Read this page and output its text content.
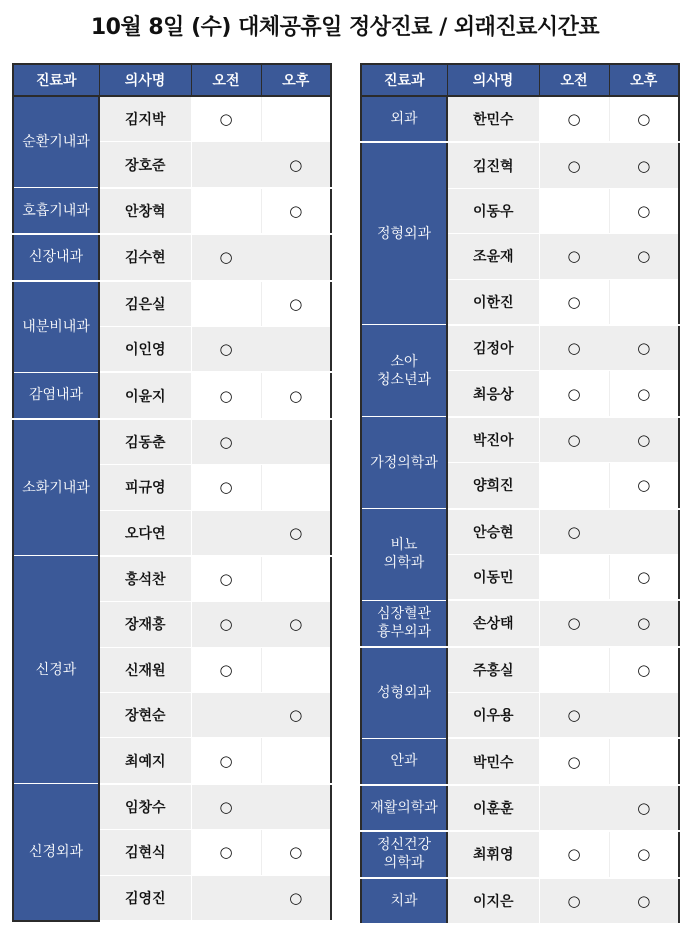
10월 8일 (수) 대체공휴일 정상진료 / 외래진료시간표
진료과	의사명	오전	오후
순환기내과	김지박	○	
	장호준		○
호흡기내과	안창혁		○
신장내과	김수현	○	
내분비내과	김은실		○
	이인영	○	
감염내과	이윤지	○	○
소화기내과	김동춘	○	
	피규영	○	
	오다연		○
신경과	홍석찬	○	
	장재홍	○	○
	신재원	○	
	장현순		○
	최예지	○	
신경외과	임창수	○	
	김현식	○	○
	김영진		○
진료과	의사명	오전	오후
외과	한민수	○	○
정형외과	김진혁	○	○
	이동우		○
	조윤재	○	○
	이한진	○	
소아
청소년과	김정아	○	○
	최응상	○	○
가정의학과	박진아	○	○
	양희진		○
비뇨
의학과	안승현	○	
	이동민		○
심장혈관
흉부외과	손상태	○	○
성형외과	주홍실		○
	이우용	○	
안과	박민수	○	
재활의학과	이훈훈		○
정신건강
의학과	최휘영	○	○
치과	이지은	○	○
